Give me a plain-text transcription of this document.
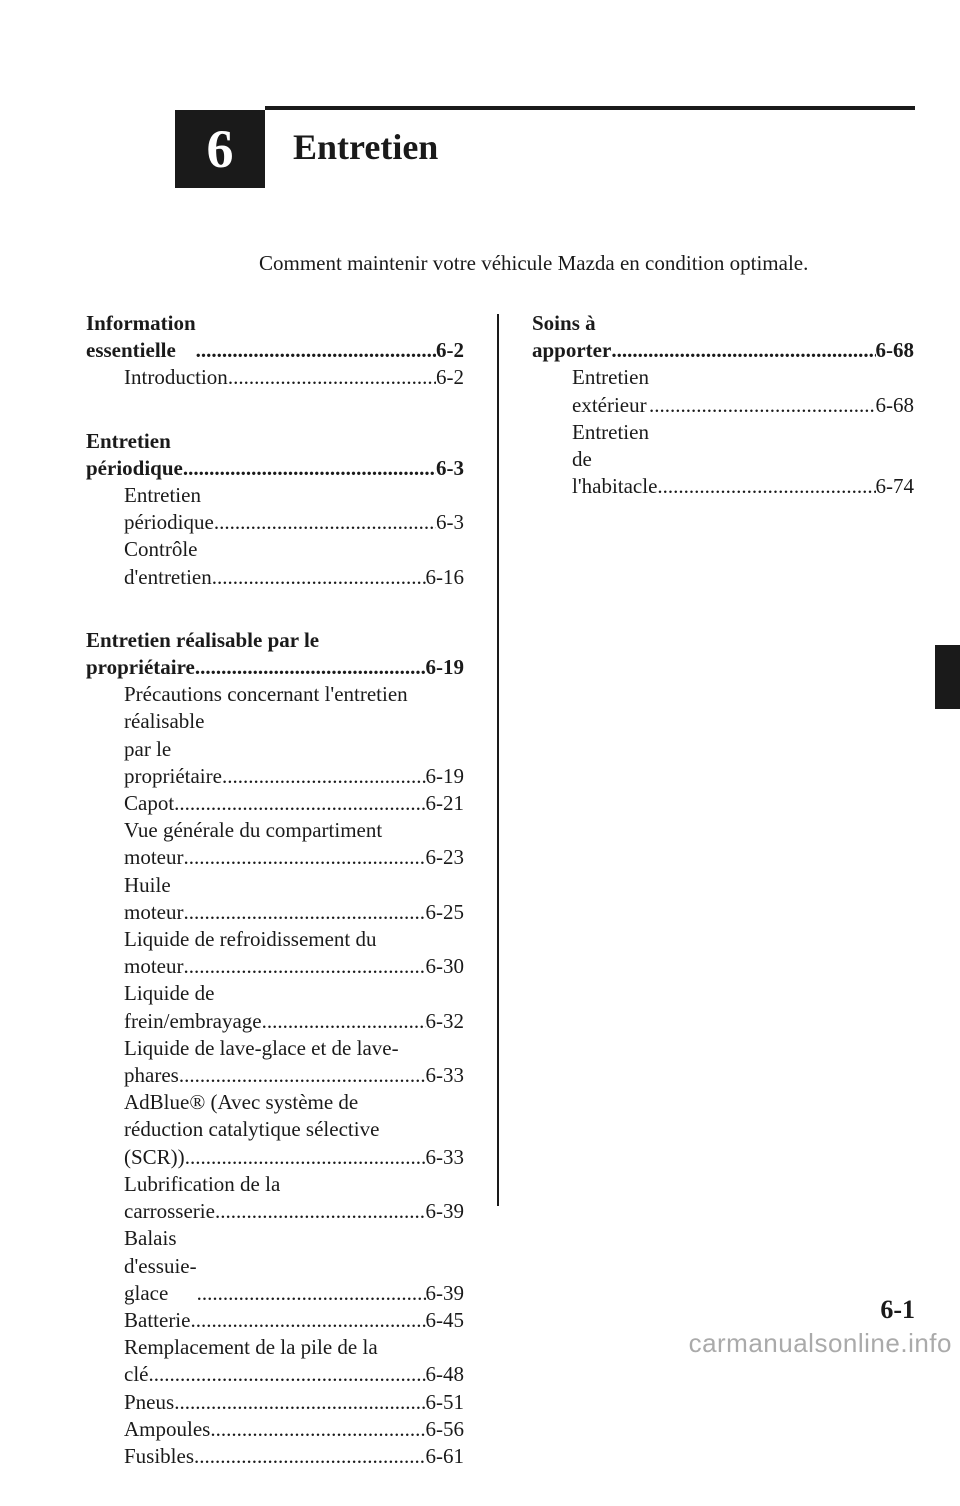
6 Entretien
Comment maintenir votre véhicule Mazda en condition optimale.
Information essentielle .....	6-2
Introduction .....	6-2
Entretien périodique .....	6-3
Entretien périodique .....	6-3
Contrôle d'entretien .....	6-16
Entretien réalisable par le
propriétaire .....	6-19
Précautions concernant l'entretien
réalisable par le propriétaire .....	6-19
Capot .....	6-21
Vue générale du compartiment
moteur .....	6-23
Huile moteur .....	6-25
Liquide de refroidissement du
moteur .....	6-30
Liquide de frein/embrayage .....	6-32
Liquide de lave-glace et de lave-
phares .....	6-33
AdBlue® (Avec système de
réduction catalytique sélective
(SCR)) .....	6-33
Lubrification de la
carrosserie .....	6-39
Balais d'essuie-glace .....	6-39
Batterie .....	6-45
Remplacement de la pile de la
clé .....	6-48
Pneus .....	6-51
Ampoules .....	6-56
Fusibles .....	6-61
Soins à apporter .....	6-68
Entretien extérieur .....	6-68
Entretien de l'habitacle .....	6-74
6-1
carmanualsonline.info
